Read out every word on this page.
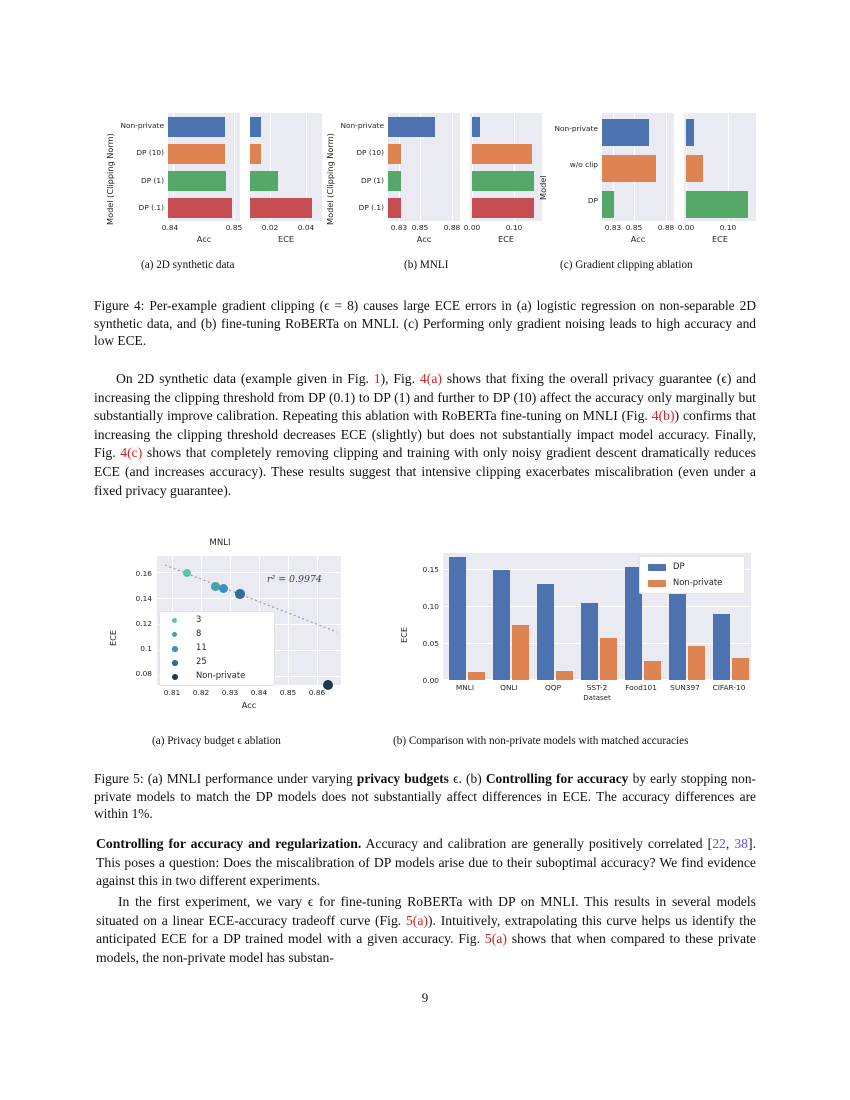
Model (Clipping Norm)
Non-private
DP (10)
DP (1)
DP (.1)
0.84	0.85
Acc
0.02	0.04
ECE
Model (Clipping Norm)
Non-private
DP (10)
DP (1)
DP (.1)
0.83 0.85	0.88
Acc
0.00	0.10
ECE
Model
Non-private
w/o clip
DP
0.83 0.85	0.88
Acc
0.00	0.10
ECE
(a) 2D synthetic data	(b) MNLI	(c) Gradient clipping ablation
Figure 4: Per-example gradient clipping (ϵ = 8) causes large ECE errors in (a) logistic regression on non-separable 2D synthetic data, and (b) fine-tuning RoBERTa on MNLI. (c) Performing only gradient noising leads to high accuracy and low ECE.
On 2D synthetic data (example given in Fig. 1), Fig. 4(a) shows that fixing the overall privacy guarantee (ϵ) and increasing the clipping threshold from DP (0.1) to DP (1) and further to DP (10) affect the accuracy only marginally but substantially improve calibration. Repeating this ablation with RoBERTa fine-tuning on MNLI (Fig. 4(b)) confirms that increasing the clipping threshold decreases ECE (slightly) but does not substantially impact model accuracy. Finally, Fig. 4(c) shows that completely removing clipping and training with only noisy gradient descent dramatically reduces ECE (and increases accuracy). These results suggest that intensive clipping exacerbates miscalibration (even under a fixed privacy guarantee).
MNLI
ECE
0.16
0.14
0.12
0.1
0.08
r² = 0.9974
3
8
11
25
Non-private
0.81	0.82	0.83	0.84	0.85	0.86
Acc
ECE
0.15
0.10
0.05
0.00
DP
Non-private
MNLI	QNLI	QQP	SST-2	Food101	SUN397	CIFAR-10
Dataset
(a) Privacy budget ϵ ablation	(b) Comparison with non-private models with matched accuracies
Figure 5: (a) MNLI performance under varying privacy budgets ϵ. (b) Controlling for accuracy by early stopping non-private models to match the DP models does not substantially affect differences in ECE. The accuracy differences are within 1%.
Controlling for accuracy and regularization. Accuracy and calibration are generally positively correlated [22, 38]. This poses a question: Does the miscalibration of DP models arise due to their suboptimal accuracy? We find evidence against this in two different experiments.
In the first experiment, we vary ϵ for fine-tuning RoBERTa with DP on MNLI. This results in several models situated on a linear ECE-accuracy tradeoff curve (Fig. 5(a)). Intuitively, extrapolating this curve helps us identify the anticipated ECE for a DP trained model with a given accuracy. Fig. 5(a) shows that when compared to these private models, the non-private model has substan-
9
